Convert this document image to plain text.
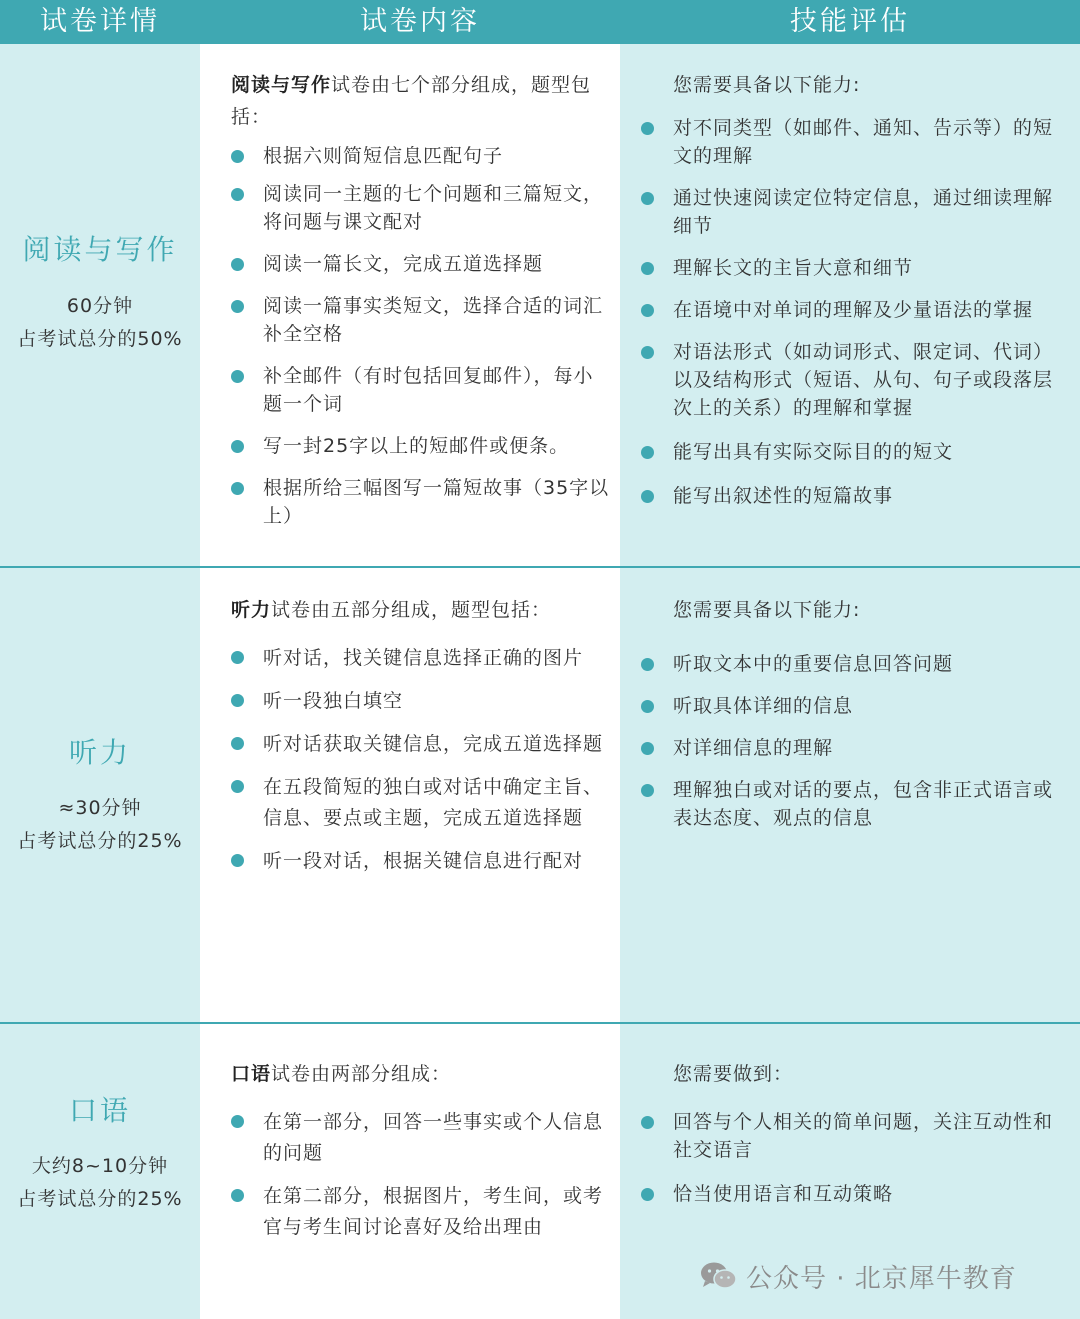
试卷详情	试卷内容	技能评估
阅读与写作
60分钟
占考试总分的50%
阅读与写作试卷由七个部分组成，题型包括：
根据六则简短信息匹配句子
阅读同一主题的七个问题和三篇短文，将问题与课文配对
阅读一篇长文，完成五道选择题
阅读一篇事实类短文，选择合适的词汇补全空格
补全邮件（有时包括回复邮件），每小题一个词
写一封25字以上的短邮件或便条。
根据所给三幅图写一篇短故事（35字以上）
您需要具备以下能力:
对不同类型（如邮件、通知、告示等）的短文的理解
通过快速阅读定位特定信息，通过细读理解细节
理解长文的主旨大意和细节
在语境中对单词的理解及少量语法的掌握
对语法形式（如动词形式、限定词、代词）以及结构形式（短语、从句、句子或段落层次上的关系）的理解和掌握
能写出具有实际交际目的的短文
能写出叙述性的短篇故事
听力
≈30分钟
占考试总分的25%
听力试卷由五部分组成，题型包括：
听对话，找关键信息选择正确的图片
听一段独白填空
听对话获取关键信息，完成五道选择题
在五段简短的独白或对话中确定主旨、信息、要点或主题，完成五道选择题
听一段对话，根据关键信息进行配对
您需要具备以下能力:
听取文本中的重要信息回答问题
听取具体详细的信息
对详细信息的理解
理解独白或对话的要点，包含非正式语言或表达态度、观点的信息
口语
大约8~10分钟
占考试总分的25%
口语试卷由两部分组成：
在第一部分，回答一些事实或个人信息的问题
在第二部分，根据图片，考生间，或考官与考生间讨论喜好及给出理由
您需要做到：
回答与个人相关的简单问题，关注互动性和社交语言
恰当使用语言和互动策略
公众号 · 北京犀牛教育
